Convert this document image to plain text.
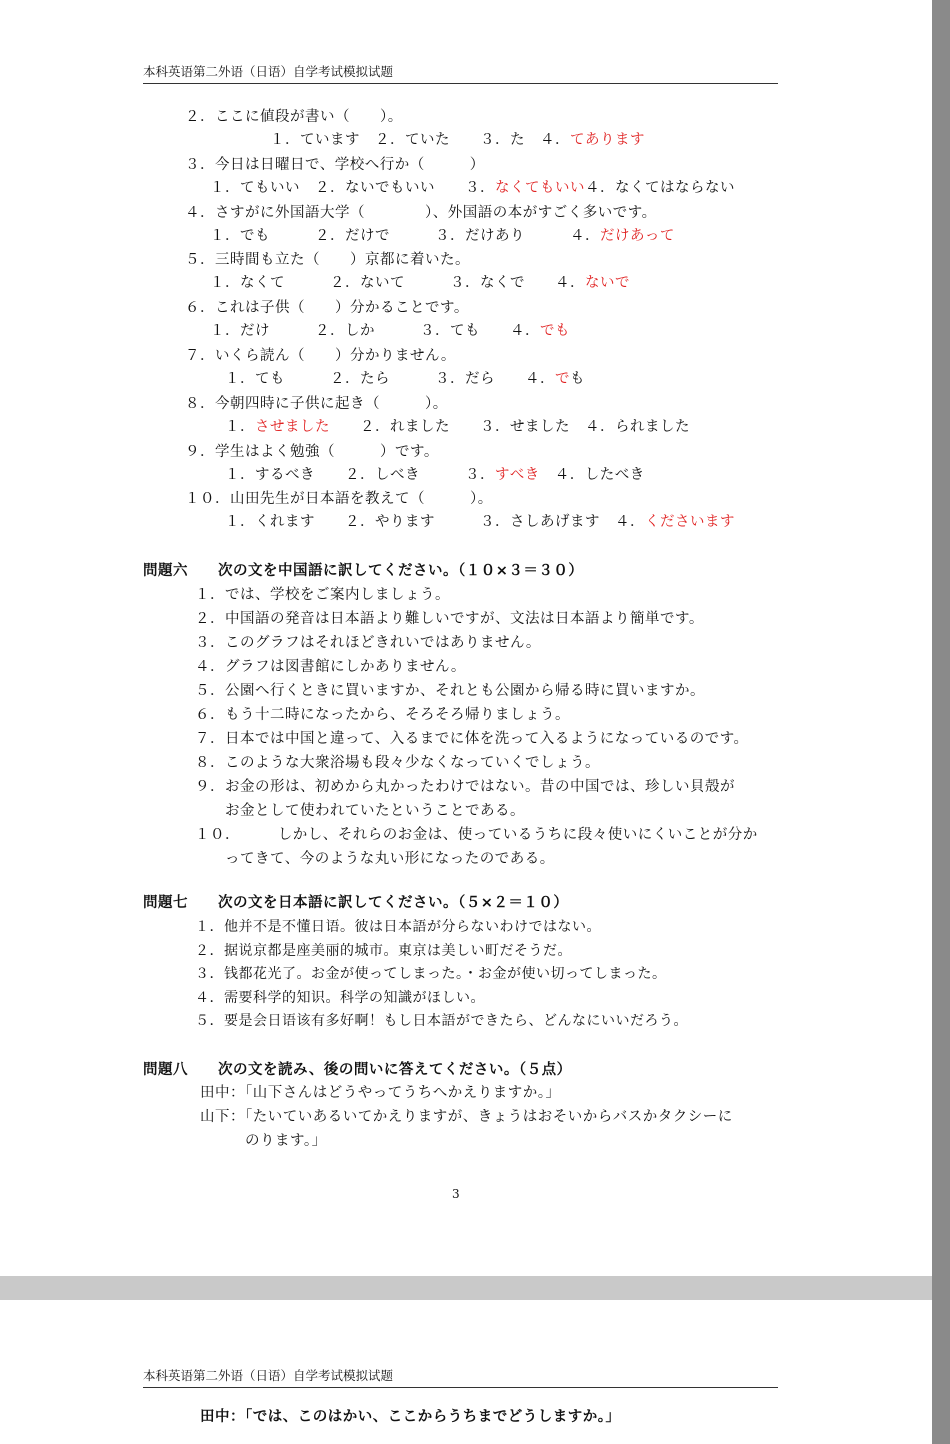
本科英语第二外语（日语）自学考试模拟试题
２．ここに値段が書い（　　）。
　　　　　１．ています　２．ていた　　３．た　４．てあります
３．今日は日曜日で、学校へ行か（　　　）
　１．てもいい　２．ないでもいい　　３．なくてもいい４．なくてはならない
４．さすがに外国語大学（　　　　）、外国語の本がすごく多いです。
　１．でも　　　２．だけで　　　３．だけあり　　　４．だけあって
５．三時間も立た（　　）京都に着いた。
　１．なくて　　　２．ないて　　　３．なくで　　４．ないで
６．これは子供（　　）分かることです。
　１．だけ　　　２．しか　　　３．ても　　４．でも
７．いくら読ん（　　）分かりません。
　　１．ても　　　２．たら　　　３．だら　　４．でも
８．今朝四時に子供に起き（　　　）。
　　１．させました　　２．れました　　３．せました　４．られました
９．学生はよく勉強（　　　）です。
　　１．するべき　　２．しべき　　　３．すべき　４．したべき
１０．山田先生が日本語を教えて（　　　）。
　　１．くれます　　２．やります　　　３．さしあげます　４．くださいます
問題六　　次の文を中国語に訳してください。（１０×３＝３０）
１．では、学校をご案内しましょう。
２．中国語の発音は日本語より難しいですが、文法は日本語より簡単です。
３．このグラフはそれほどきれいではありません。
４．グラフは図書館にしかありません。
５．公園へ行くときに買いますか、それとも公園から帰る時に買いますか。
６．もう十二時になったから、そろそろ帰りましょう。
７．日本では中国と違って、入るまでに体を洗って入るようになっているのです。
８．このような大衆浴場も段々少なくなっていくでしょう。
９．お金の形は、初めから丸かったわけではない。昔の中国では、珍しい貝殻が
　　お金として使われていたということである。
１０．　　　しかし、それらのお金は、使っているうちに段々使いにくいことが分か
　　ってきて、今のような丸い形になったのである。
問題七　　次の文を日本語に訳してください。（５×２＝１０）
１．他并不是不懂日语。彼は日本語が分らないわけではない。
２．据说京都是座美丽的城市。東京は美しい町だそうだ。
３．钱都花光了。お金が使ってしまった。・お金が使い切ってしまった。
４．需要科学的知识。科学の知識がほしい。
５．要是会日语该有多好啊！もし日本語ができたら、どんなにいいだろう。
問題八　　次の文を読み、後の問いに答えてください。（５点）
田中：「山下さんはどうやってうちへかえりますか。」
山下：「たいていあるいてかえりますが、きょうはおそいからバスかタクシーに
　　　のります。」
3
本科英语第二外语（日语）自学考试模拟试题
田中：「では、このはかい、ここからうちまでどうしますか。」
